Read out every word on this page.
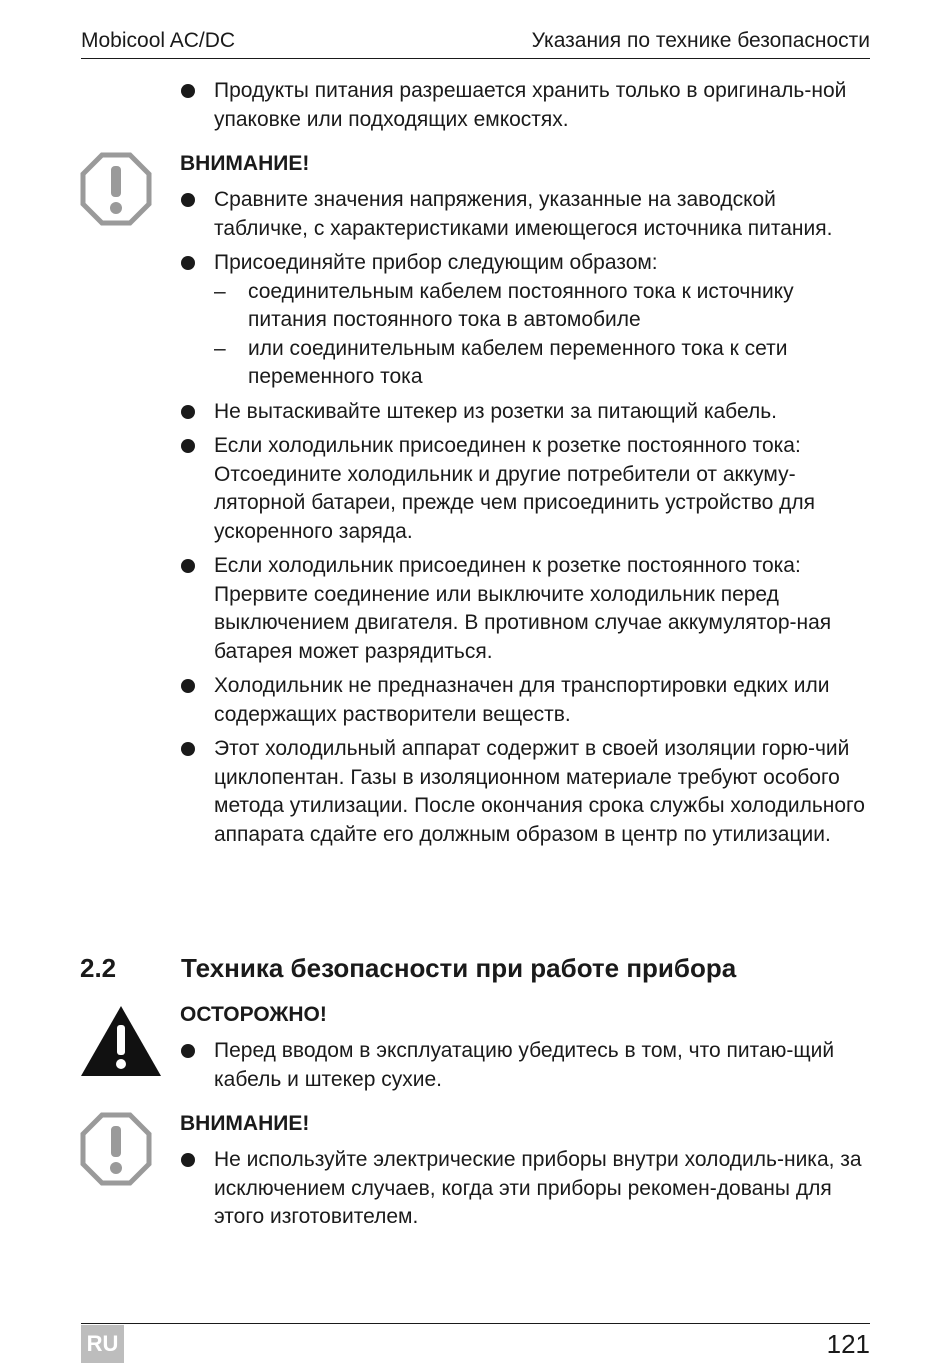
Mobicool AC/DC	Указания по технике безопасности
Продукты питания разрешается хранить только в оригиналь-ной упаковке или подходящих емкостях.
ВНИМАНИЕ!
Сравните значения напряжения, указанные на заводской табличке, с характеристиками имеющегося источника питания.
Присоединяйте прибор следующим образом:
– соединительным кабелем постоянного тока к источнику питания постоянного тока в автомобиле
– или соединительным кабелем переменного тока к сети переменного тока
Не вытаскивайте штекер из розетки за питающий кабель.
Если холодильник присоединен к розетке постоянного тока: Отсоедините холодильник и другие потребители от аккуму-ляторной батареи, прежде чем присоединить устройство для ускоренного заряда.
Если холодильник присоединен к розетке постоянного тока: Прервите соединение или выключите холодильник перед выключением двигателя. В противном случае аккумулятор-ная батарея может разрядиться.
Холодильник не предназначен для транспортировки едких или содержащих растворители веществ.
Этот холодильный аппарат содержит в своей изоляции горю-чий циклопентан. Газы в изоляционном материале требуют особого метода утилизации. После окончания срока службы холодильного аппарата сдайте его должным образом в центр по утилизации.
2.2 Техника безопасности при работе прибора
ОСТОРОЖНО!
Перед вводом в эксплуатацию убедитесь в том, что питаю-щий кабель и штекер сухие.
ВНИМАНИЕ!
Не используйте электрические приборы внутри холодиль-ника, за исключением случаев, когда эти приборы рекомен-дованы для этого изготовителем.
RU	121
